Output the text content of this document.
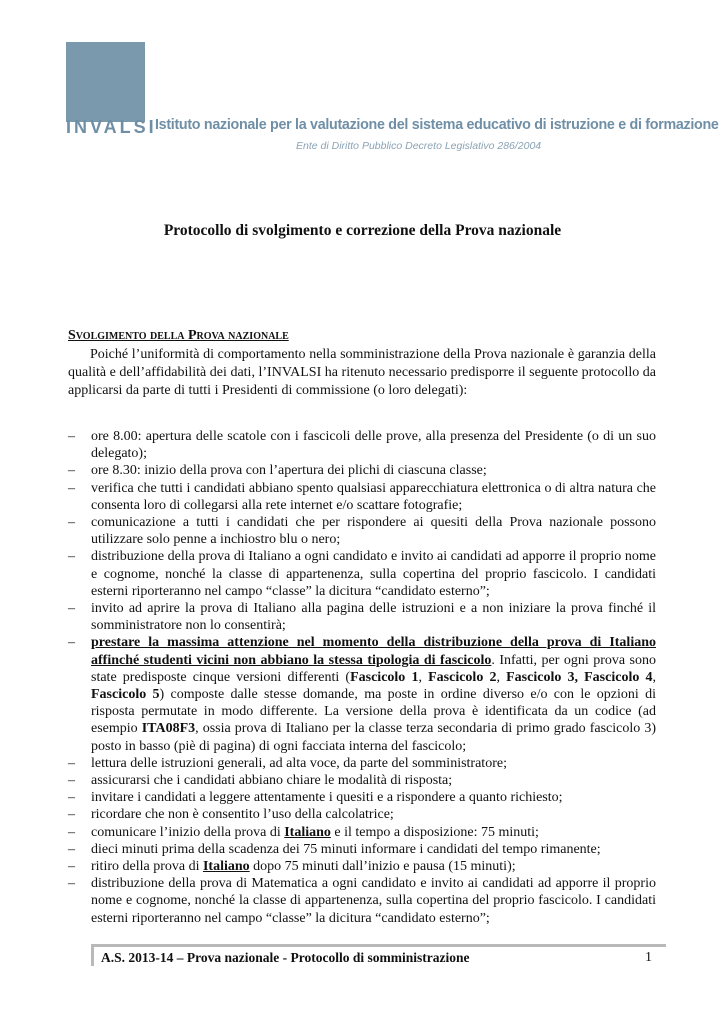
INVALSI
Istituto nazionale per la valutazione del sistema educativo di istruzione e di formazione
Ente di Diritto Pubblico Decreto Legislativo 286/2004
Protocollo di svolgimento e correzione della Prova nazionale
Svolgimento della Prova nazionale

Poiché l’uniformità di comportamento nella somministrazione della Prova nazionale è garanzia della qualità e dell’affidabilità dei dati, l’INVALSI ha ritenuto necessario predisporre il seguente protocollo da applicarsi da parte di tutti i Presidenti di commissione (o loro delegati):

– ore 8.00: apertura delle scatole con i fascicoli delle prove, alla presenza del Presidente (o di un suo delegato);
– ore 8.30: inizio della prova con l’apertura dei plichi di ciascuna classe;
– verifica che tutti i candidati abbiano spento qualsiasi apparecchiatura elettronica o di altra natura che consenta loro di collegarsi alla rete internet e/o scattare fotografie;
– comunicazione a tutti i candidati che per rispondere ai quesiti della Prova nazionale possono utilizzare solo penne a inchiostro blu o nero;
– distribuzione della prova di Italiano a ogni candidato e invito ai candidati ad apporre il proprio nome e cognome, nonché la classe di appartenenza, sulla copertina del proprio fascicolo. I candidati esterni riporteranno nel campo “classe” la dicitura “candidato esterno”;
– invito ad aprire la prova di Italiano alla pagina delle istruzioni e a non iniziare la prova finché il somministratore non lo consentirà;
– prestare la massima attenzione nel momento della distribuzione della prova di Italiano affinché studenti vicini non abbiano la stessa tipologia di fascicolo. Infatti, per ogni prova sono state predisposte cinque versioni differenti (Fascicolo 1, Fascicolo 2, Fascicolo 3, Fascicolo 4, Fascicolo 5) composte dalle stesse domande, ma poste in ordine diverso e/o con le opzioni di risposta permutate in modo differente. La versione della prova è identificata da un codice (ad esempio ITA08F3, ossia prova di Italiano per la classe terza secondaria di primo grado fascicolo 3) posto in basso (piè di pagina) di ogni facciata interna del fascicolo;
– lettura delle istruzioni generali, ad alta voce, da parte del somministratore;
– assicurarsi che i candidati abbiano chiare le modalità di risposta;
– invitare i candidati a leggere attentamente i quesiti e a rispondere a quanto richiesto;
– ricordare che non è consentito l’uso della calcolatrice;
– comunicare l’inizio della prova di Italiano e il tempo a disposizione: 75 minuti;
– dieci minuti prima della scadenza dei 75 minuti informare i candidati del tempo rimanente;
– ritiro della prova di Italiano dopo 75 minuti dall’inizio e pausa (15 minuti);
– distribuzione della prova di Matematica a ogni candidato e invito ai candidati ad apporre il proprio nome e cognome, nonché la classe di appartenenza, sulla copertina del proprio fascicolo. I candidati esterni riporteranno nel campo “classe” la dicitura “candidato esterno”;
A.S. 2013-14 – Prova nazionale - Protocollo di somministrazione	1
